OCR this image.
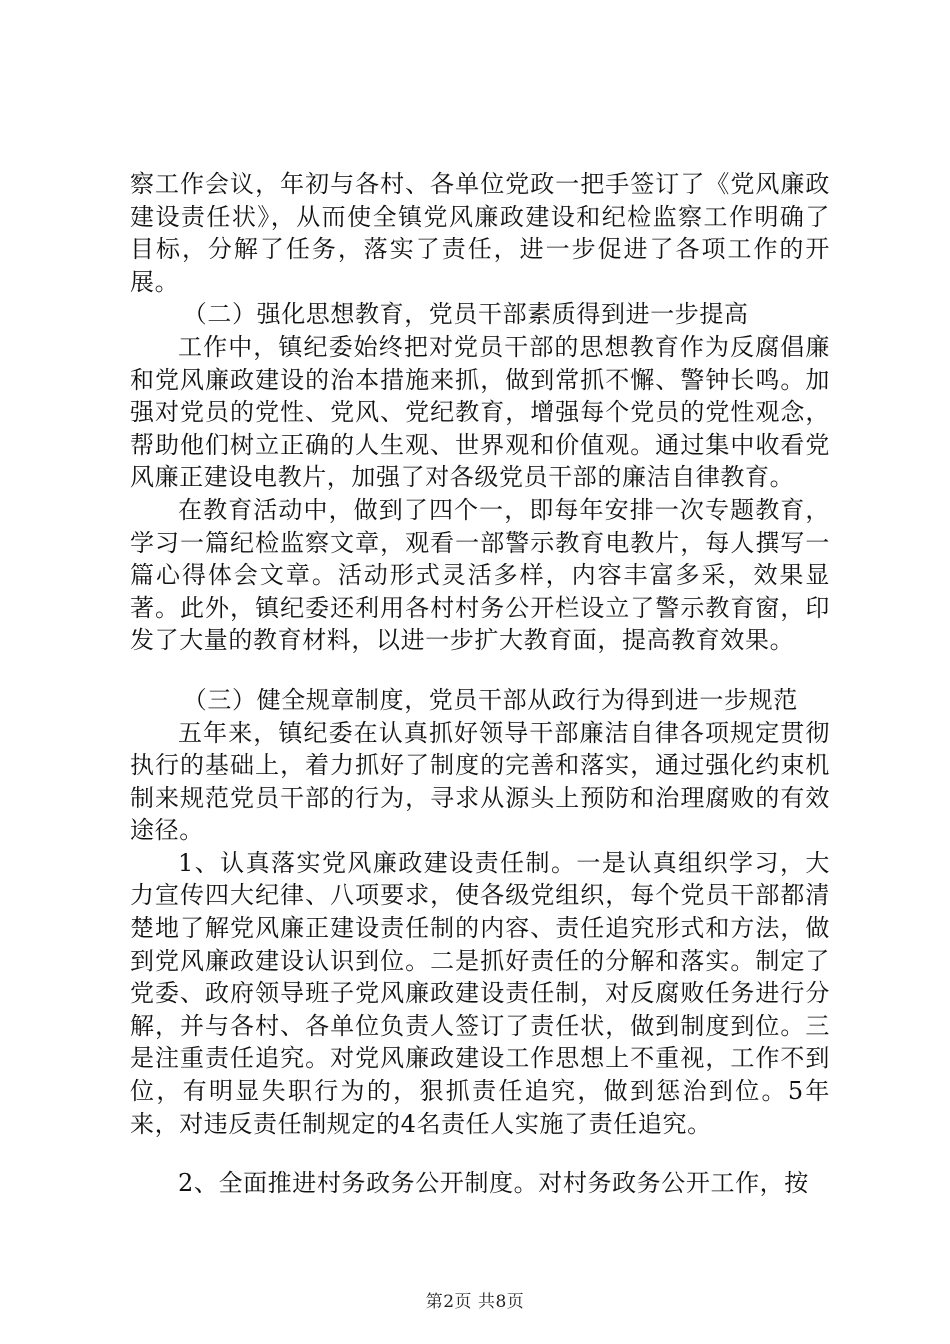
察工作会议，年初与各村、各单位党政一把手签订了《党风廉政建设责任状》，从而使全镇党风廉政建设和纪检监察工作明确了目标，分解了任务，落实了责任，进一步促进了各项工作的开展。

（二）强化思想教育，党员干部素质得到进一步提高

工作中，镇纪委始终把对党员干部的思想教育作为反腐倡廉和党风廉政建设的治本措施来抓，做到常抓不懈、警钟长鸣。加强对党员的党性、党风、党纪教育，增强每个党员的党性观念，帮助他们树立正确的人生观、世界观和价值观。通过集中收看党风廉正建设电教片，加强了对各级党员干部的廉洁自律教育。

在教育活动中，做到了四个一，即每年安排一次专题教育，学习一篇纪检监察文章，观看一部警示教育电教片，每人撰写一篇心得体会文章。活动形式灵活多样，内容丰富多采，效果显著。此外，镇纪委还利用各村村务公开栏设立了警示教育窗，印发了大量的教育材料，以进一步扩大教育面，提高教育效果。

（三）健全规章制度，党员干部从政行为得到进一步规范

五年来，镇纪委在认真抓好领导干部廉洁自律各项规定贯彻执行的基础上，着力抓好了制度的完善和落实，通过强化约束机制来规范党员干部的行为，寻求从源头上预防和治理腐败的有效途径。

1、认真落实党风廉政建设责任制。一是认真组织学习，大力宣传四大纪律、八项要求，使各级党组织，每个党员干部都清楚地了解党风廉正建设责任制的内容、责任追究形式和方法，做到党风廉政建设认识到位。二是抓好责任的分解和落实。制定了党委、政府领导班子党风廉政建设责任制，对反腐败任务进行分解，并与各村、各单位负责人签订了责任状，做到制度到位。三是注重责任追究。对党风廉政建设工作思想上不重视，工作不到位，有明显失职行为的，狠抓责任追究，做到惩治到位。5年来，对违反责任制规定的4名责任人实施了责任追究。

2、全面推进村务政务公开制度。对村务政务公开工作，按

第2页 共8页
